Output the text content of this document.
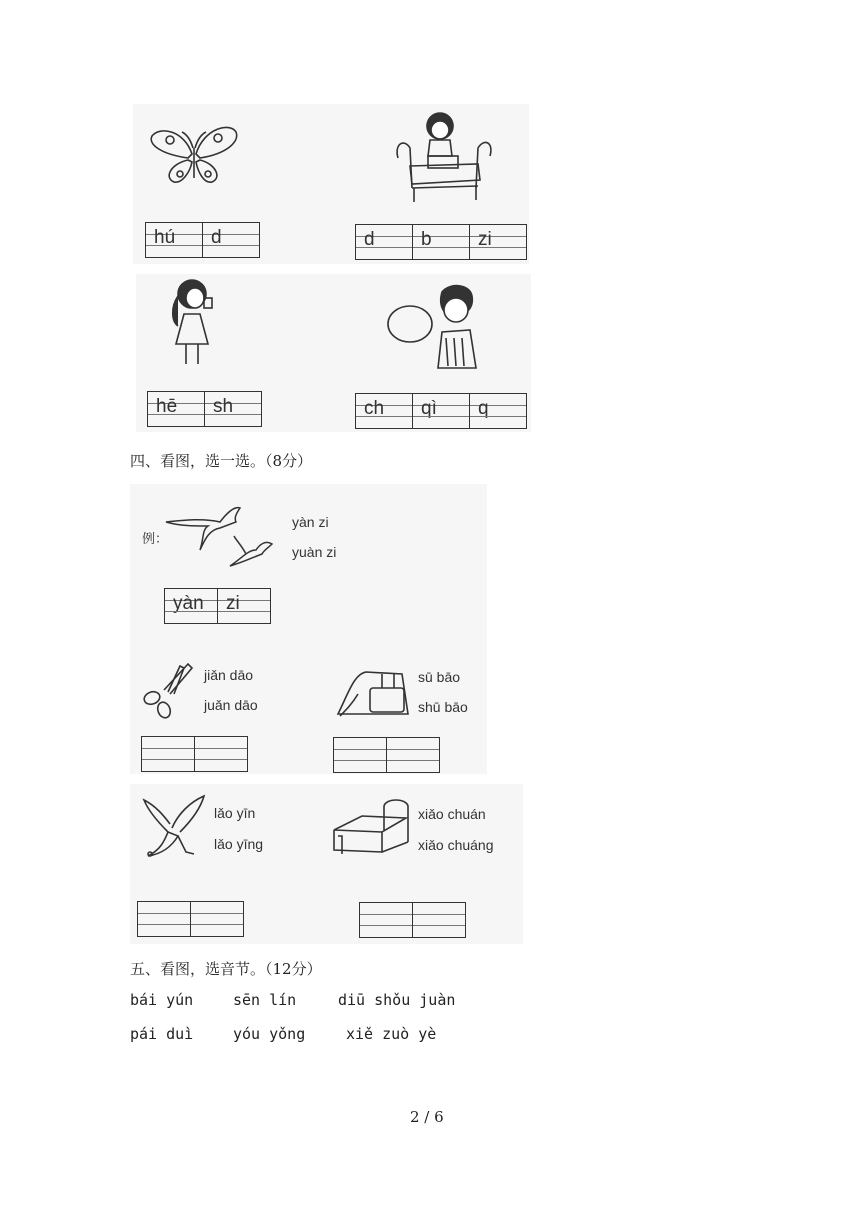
hú d	d b zi
hē sh	ch qì q
四、看图，选一选。（8分）
例：
yàn zi
yuàn zi
yàn zi
jiǎn dāo
juǎn dāo
sū bāo
shū bāo
lǎo yīn
lǎo yīng
xiǎo chuán
xiǎo chuáng
五、看图，选音节。（12分）
bái yún	sēn lín	diū shǒu juàn
pái duì	yóu yǒng	xiě zuò yè
2 / 6
